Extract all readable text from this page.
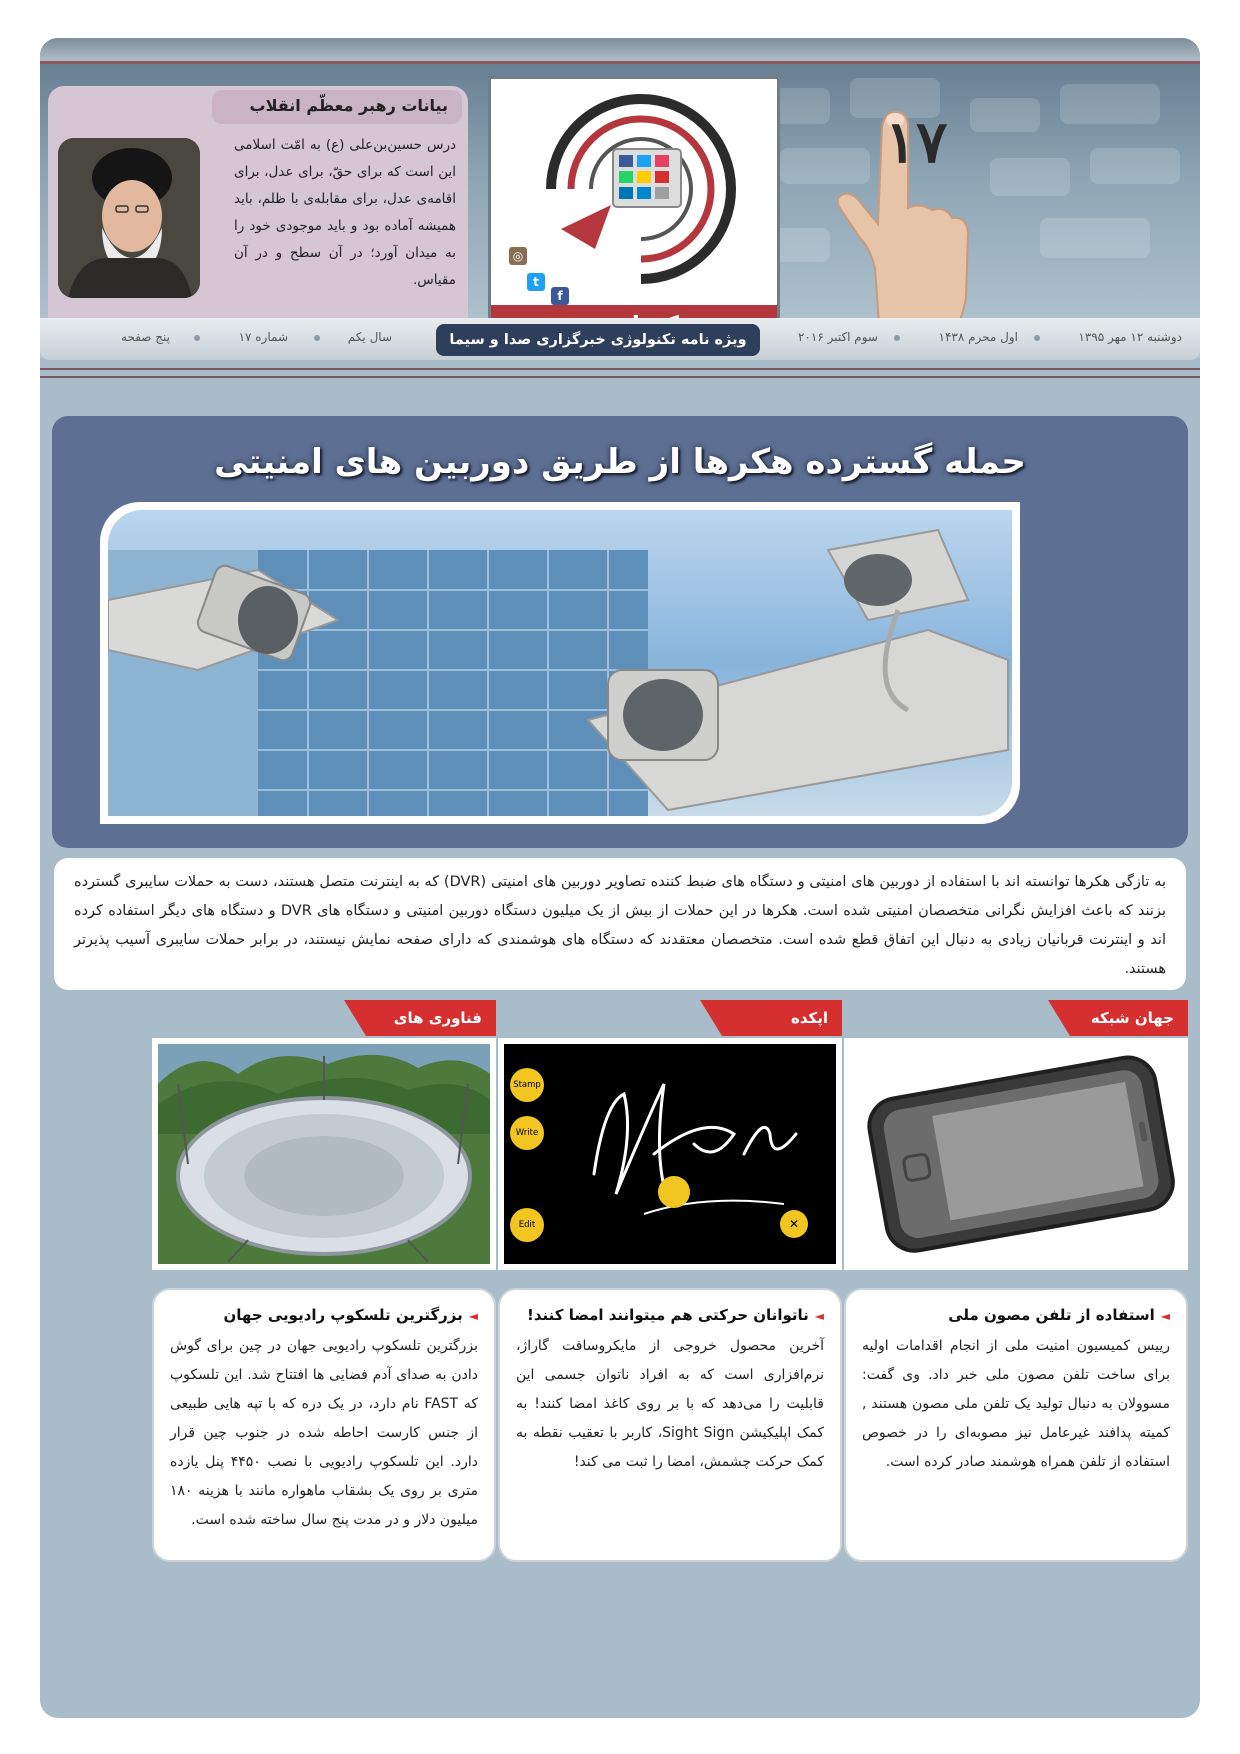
۱۷
◎
t
f
بیانات رهبر معظّم انقلاب
درس حسین‌بن‌علی (ع) به امّت اسلامی این است که برای حقّ، برای عدل، برای اقامه‌ی عدل، برای مقابله‌ی با ظلم، باید همیشه آماده بود و باید موجودی خود را به میدان آورد؛ در آن سطح و در آن مقیاس.
دوشنبه ۱۲ مهر ۱۳۹۵
اول محرم ۱۴۳۸
سوم اکتبر ۲۰۱۶
ویژه نامه تکنولوژی خبرگزاری صدا و سیما
سال یکم
شماره ۱۷
پنج صفحه
حمله گسترده هکرها از طریق دوربین های امنیتی
به تازگی هکرها توانسته اند با استفاده از دوربین های امنیتی و دستگاه های ضبط کننده تصاویر دوربین های امنیتی (DVR) که به اینترنت متصل هستند، دست به حملات سایبری گسترده بزنند که باعث افزایش نگرانی متخصصان امنیتی شده است. هکرها در این حملات از بیش از یک میلیون دستگاه دوربین امنیتی و دستگاه های DVR و دستگاه های دیگر استفاده کرده اند و اینترنت قربانیان زیادی به دنبال این اتفاق قطع شده است. متخصصان معتقدند که دستگاه های هوشمندی که دارای صفحه نمایش نیستند، در برابر حملات سایبری آسیب پذیرتر هستند.
جهان شبکه
اپکده
فناوری های
✕
Stamp
Write
Edit
◄استفاده از تلفن مصون ملی
رییس کمیسیون امنیت ملی از انجام اقدامات اولیه برای ساخت تلفن مصون ملی خبر داد. وی گفت: مسوولان به دنبال تولید یک تلفن ملی مصون هستند , کمیته پدافند غیرعامل نیز مصوبه‌ای را در خصوص استفاده از تلفن همراه هوشمند صادر کرده است.
◄ناتوانان حرکتی هم میتوانند امضا کنند!
آخرین محصول خروجی از مایکروسافت گاراژ، نرم‌افزاری است که به افراد ناتوان جسمی این قابلیت را می‌دهد که با بر روی کاغذ امضا کنند! به کمک اپلیکیشن Sight Sign، کاربر با تعقیب نقطه به کمک حرکت چشمش، امضا را ثبت می کند!
◄بزرگترین تلسکوپ رادیویی جهان
بزرگترین تلسکوپ رادیویی جهان در چین برای گوش دادن به صدای آدم فضایی ها افتتاح شد. این تلسکوپ که FAST نام دارد، در یک دره که با تپه هایی طبیعی از جنس کارست احاطه شده در جنوب چین قرار دارد. این تلسکوپ رادیویی با نصب ۴۴۵۰ پنل یازده متری بر روی یک بشقاب ماهواره مانند با هزینه ۱۸۰ میلیون دلار و در مدت پنج سال ساخته شده است.
